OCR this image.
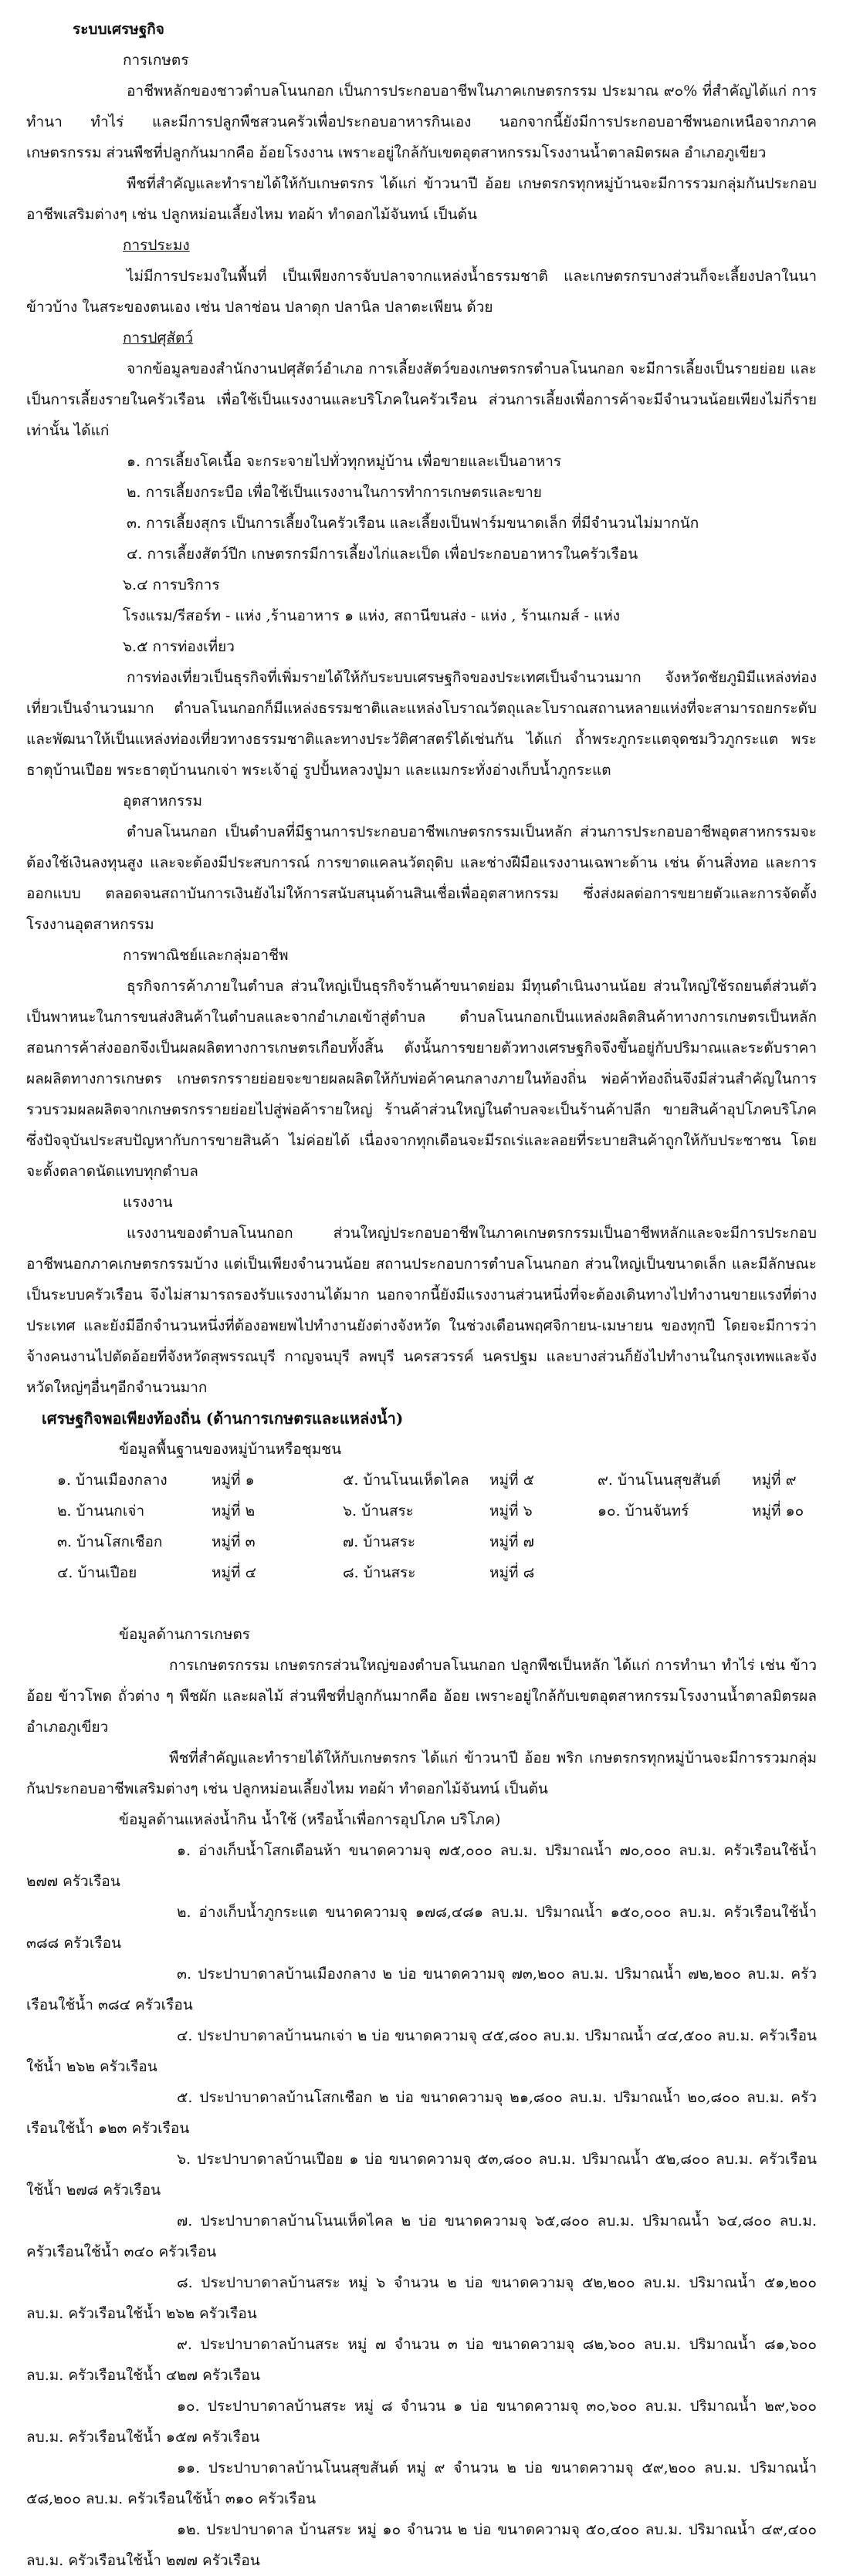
ระบบเศรษฐกิจ

การเกษตร

อาชีพหลักของชาวตำบลโนนกอก เป็นการประกอบอาชีพในภาคเกษตรกรรม ประมาณ ๙๐% ที่สำคัญได้แก่ การทำนา ทำไร่ และมีการปลูกพืชสวนครัวเพื่อประกอบอาหารกินเอง นอกจากนี้ยังมีการประกอบอาชีพนอกเหนือจากภาคเกษตรกรรม ส่วนพืชที่ปลูกกันมากคือ อ้อยโรงงาน เพราะอยู่ใกล้กับเขตอุตสาหกรรมโรงงานน้ำตาลมิตรผล อำเภอภูเขียว

พืชที่สำคัญและทำรายได้ให้กับเกษตรกร ได้แก่ ข้าวนาปี อ้อย เกษตรกรทุกหมู่บ้านจะมีการรวมกลุ่มกันประกอบอาชีพเสริมต่างๆ เช่น ปลูกหม่อนเลี้ยงไหม ทอผ้า ทำดอกไม้จันทน์ เป็นต้น

การประมง

ไม่มีการประมงในพื้นที่ เป็นเพียงการจับปลาจากแหล่งน้ำธรรมชาติ และเกษตรกรบางส่วนก็จะเลี้ยงปลาในนาข้าวบ้าง ในสระของตนเอง เช่น ปลาช่อน ปลาดุก ปลานิล ปลาตะเพียน ด้วย

การปศุสัตว์

จากข้อมูลของสำนักงานปศุสัตว์อำเภอ การเลี้ยงสัตว์ของเกษตรกรตำบลโนนกอก จะมีการเลี้ยงเป็นรายย่อย และเป็นการเลี้ยงรายในครัวเรือน เพื่อใช้เป็นแรงงานและบริโภคในครัวเรือน ส่วนการเลี้ยงเพื่อการค้าจะมีจำนวนน้อยเพียงไม่กี่รายเท่านั้น ได้แก่

๑. การเลี้ยงโคเนื้อ จะกระจายไปทั่วทุกหมู่บ้าน เพื่อขายและเป็นอาหาร

๒. การเลี้ยงกระบือ เพื่อใช้เป็นแรงงานในการทำการเกษตรและขาย

๓. การเลี้ยงสุกร เป็นการเลี้ยงในครัวเรือน และเลี้ยงเป็นฟาร์มขนาดเล็ก ที่มีจำนวนไม่มากนัก

๔. การเลี้ยงสัตว์ปีก เกษตรกรมีการเลี้ยงไก่และเป็ด เพื่อประกอบอาหารในครัวเรือน

๖.๔ การบริการ

โรงแรม/รีสอร์ท - แห่ง ,ร้านอาหาร ๑ แห่ง, สถานีขนส่ง - แห่ง , ร้านเกมส์ - แห่ง

๖.๕ การท่องเที่ยว

การท่องเที่ยวเป็นธุรกิจที่เพิ่มรายได้ให้กับระบบเศรษฐกิจของประเทศเป็นจำนวนมาก จังหวัดชัยภูมิมีแหล่งท่องเที่ยวเป็นจำนวนมาก ตำบลโนนกอกก็มีแหล่งธรรมชาติและแหล่งโบราณวัตถุและโบราณสถานหลายแห่งที่จะสามารถยกระดับและพัฒนาให้เป็นแหล่งท่องเที่ยวทางธรรมชาติและทางประวัติศาสตร์ได้เช่นกัน ได้แก่ ถ้ำพระภูกระแตจุดชมวิวภูกระแต พระธาตุบ้านเปือย พระธาตุบ้านนกเจ่า พระเจ้าอู่ รูปปั้นหลวงปู่มา และแมกระทั่งอ่างเก็บน้ำภูกระแต

อุตสาหกรรม

ตำบลโนนกอก เป็นตำบลที่มีฐานการประกอบอาชีพเกษตรกรรมเป็นหลัก ส่วนการประกอบอาชีพอุตสาหกรรมจะต้องใช้เงินลงทุนสูง และจะต้องมีประสบการณ์ การขาดแคลนวัตถุดิบ และช่างฝีมือแรงงานเฉพาะด้าน เช่น ด้านสิ่งทอ และการออกแบบ ตลอดจนสถาบันการเงินยังไม่ให้การสนับสนุนด้านสินเชื่อเพื่ออุตสาหกรรม ซึ่งส่งผลต่อการขยายตัวและการจัดตั้งโรงงานอุตสาหกรรม

การพาณิชย์และกลุ่มอาชีพ

ธุรกิจการค้าภายในตำบล ส่วนใหญ่เป็นธุรกิจร้านค้าขนาดย่อม มีทุนดำเนินงานน้อย ส่วนใหญ่ใช้รถยนต์ส่วนตัวเป็นพาหนะในการขนส่งสินค้าในตำบลและจากอำเภอเข้าสู่ตำบล ตำบลโนนกอกเป็นแหล่งผลิตสินค้าทางการเกษตรเป็นหลัก สอนการค้าส่งออกจึงเป็นผลผลิตทางการเกษตรเกือบทั้งสิ้น ดังนั้นการขยายตัวทางเศรษฐกิจจึงขึ้นอยู่กับปริมาณและระดับราคาผลผลิตทางการเกษตร เกษตรกรรายย่อยจะขายผลผลิตให้กับพ่อค้าคนกลางภายในท้องถิ่น พ่อค้าท้องถิ่นจึงมีส่วนสำคัญในการรวบรวมผลผลิตจากเกษตรกรรายย่อยไปสู่พ่อค้ารายใหญ่ ร้านค้าส่วนใหญ่ในตำบลจะเป็นร้านค้าปลีก ขายสินค้าอุปโภคบริโภค ซึ่งปัจจุบันประสบปัญหากับการขายสินค้า ไม่ค่อยได้ เนื่องจากทุกเดือนจะมีรถเร่และลอยที่ระบายสินค้าถูกให้กับประชาชน โดยจะตั้งตลาดนัดแทบทุกตำบล

แรงงาน

แรงงานของตำบลโนนกอก ส่วนใหญ่ประกอบอาชีพในภาคเกษตรกรรมเป็นอาชีพหลักและจะมีการประกอบอาชีพนอกภาคเกษตรกรรมบ้าง แต่เป็นเพียงจำนวนน้อย สถานประกอบการตำบลโนนกอก ส่วนใหญ่เป็นขนาดเล็ก และมีลักษณะเป็นระบบครัวเรือน จึงไม่สามารถรองรับแรงงานได้มาก นอกจากนี้ยังมีแรงงานส่วนหนึ่งที่จะต้องเดินทางไปทำงานขายแรงที่ต่างประเทศ และยังมีอีกจำนวนหนึ่งที่ต้องอพยพไปทำงานยังต่างจังหวัด ในช่วงเดือนพฤศจิกายน-เมษายน ของทุกปี โดยจะมีการว่าจ้างคนงานไปตัดอ้อยที่จังหวัดสุพรรณบุรี กาญจนบุรี ลพบุรี นครสวรรค์ นครปฐม และบางส่วนก็ยังไปทำงานในกรุงเทพและจังหวัดใหญ่ๆอื่นๆอีกจำนวนมาก

เศรษฐกิจพอเพียงท้องถิ่น (ด้านการเกษตรและแหล่งน้ำ)

ข้อมูลพื้นฐานของหมู่บ้านหรือชุมชน

๑. บ้านเมืองกลาง	หมู่ที่ ๑	๕. บ้านโนนเห็ดไคล	หมู่ที่ ๕	๙. บ้านโนนสุขสันต์	หมู่ที่ ๙
๒. บ้านนกเจ่า	หมู่ที่ ๒	๖. บ้านสระ	หมู่ที่ ๖	๑๐. บ้านจันทร์	หมู่ที่ ๑๐
๓. บ้านโสกเชือก	หมู่ที่ ๓	๗. บ้านสระ	หมู่ที่ ๗		
๔. บ้านเปือย	หมู่ที่ ๔	๘. บ้านสระ	หมู่ที่ ๘		

ข้อมูลด้านการเกษตร

การเกษตรกรรม เกษตรกรส่วนใหญ่ของตำบลโนนกอก ปลูกพืชเป็นหลัก ได้แก่ การทำนา ทำไร่ เช่น ข้าว อ้อย ข้าวโพด ถั่วต่าง ๆ พืชผัก และผลไม้ ส่วนพืชที่ปลูกกันมากคือ อ้อย เพราะอยู่ใกล้กับเขตอุตสาหกรรมโรงงานน้ำตาลมิตรผล อำเภอภูเขียว

พืชที่สำคัญและทำรายได้ให้กับเกษตรกร ได้แก่ ข้าวนาปี อ้อย พริก เกษตรกรทุกหมู่บ้านจะมีการรวมกลุ่มกันประกอบอาชีพเสริมต่างๆ เช่น ปลูกหม่อนเลี้ยงไหม ทอผ้า ทำดอกไม้จันทน์ เป็นต้น

ข้อมูลด้านแหล่งน้ำกิน น้ำใช้ (หรือน้ำเพื่อการอุปโภค บริโภค)

๑. อ่างเก็บน้ำโสกเดือนห้า ขนาดความจุ ๗๕,๐๐๐ ลบ.ม. ปริมาณน้ำ ๗๐,๐๐๐ ลบ.ม. ครัวเรือนใช้น้ำ ๒๗๗ ครัวเรือน

๒. อ่างเก็บน้ำภูกระแต ขนาดความจุ ๑๗๘,๔๘๑ ลบ.ม. ปริมาณน้ำ ๑๕๐,๐๐๐ ลบ.ม. ครัวเรือนใช้น้ำ ๓๘๘ ครัวเรือน

๓. ประปาบาดาลบ้านเมืองกลาง ๒ บ่อ ขนาดความจุ ๗๓,๒๐๐ ลบ.ม. ปริมาณน้ำ ๗๒,๒๐๐ ลบ.ม. ครัวเรือนใช้น้ำ ๓๘๔ ครัวเรือน

๔. ประปาบาดาลบ้านนกเจ่า ๒ บ่อ ขนาดความจุ ๔๕,๘๐๐ ลบ.ม. ปริมาณน้ำ ๔๔,๕๐๐ ลบ.ม. ครัวเรือนใช้น้ำ ๒๖๒ ครัวเรือน

๕. ประปาบาดาลบ้านโสกเชือก ๒ บ่อ ขนาดความจุ ๒๑,๘๐๐ ลบ.ม. ปริมาณน้ำ ๒๐,๘๐๐ ลบ.ม. ครัวเรือนใช้น้ำ ๑๒๓ ครัวเรือน

๖. ประปาบาดาลบ้านเปือย ๑ บ่อ ขนาดความจุ ๕๓,๘๐๐ ลบ.ม. ปริมาณน้ำ ๕๒,๘๐๐ ลบ.ม. ครัวเรือนใช้น้ำ ๒๗๘ ครัวเรือน

๗. ประปาบาดาลบ้านโนนเห็ดไคล ๒ บ่อ ขนาดความจุ ๖๕,๘๐๐ ลบ.ม. ปริมาณน้ำ ๖๔,๘๐๐ ลบ.ม. ครัวเรือนใช้น้ำ ๓๔๐ ครัวเรือน

๘. ประปาบาดาลบ้านสระ หมู่ ๖ จำนวน ๒ บ่อ ขนาดความจุ ๕๒,๒๐๐ ลบ.ม. ปริมาณน้ำ ๕๑,๒๐๐ ลบ.ม. ครัวเรือนใช้น้ำ ๒๖๒ ครัวเรือน

๙. ประปาบาดาลบ้านสระ หมู่ ๗ จำนวน ๓ บ่อ ขนาดความจุ ๘๒,๖๐๐ ลบ.ม. ปริมาณน้ำ ๘๑,๖๐๐ ลบ.ม. ครัวเรือนใช้น้ำ ๔๒๗ ครัวเรือน

๑๐. ประปาบาดาลบ้านสระ หมู่ ๘ จำนวน ๑ บ่อ ขนาดความจุ ๓๐,๖๐๐ ลบ.ม. ปริมาณน้ำ ๒๙,๖๐๐ ลบ.ม. ครัวเรือนใช้น้ำ ๑๕๗ ครัวเรือน

๑๑. ประปาบาดาลบ้านโนนสุขสันต์ หมู่ ๙ จำนวน ๒ บ่อ ขนาดความจุ ๕๙,๒๐๐ ลบ.ม. ปริมาณน้ำ ๕๘,๒๐๐ ลบ.ม. ครัวเรือนใช้น้ำ ๓๑๐ ครัวเรือน

๑๒. ประปาบาดาล บ้านสระ หมู่ ๑๐ จำนวน ๒ บ่อ ขนาดความจุ ๕๐,๔๐๐ ลบ.ม. ปริมาณน้ำ ๔๙,๔๐๐ ลบ.ม. ครัวเรือนใช้น้ำ ๒๗๗ ครัวเรือน
